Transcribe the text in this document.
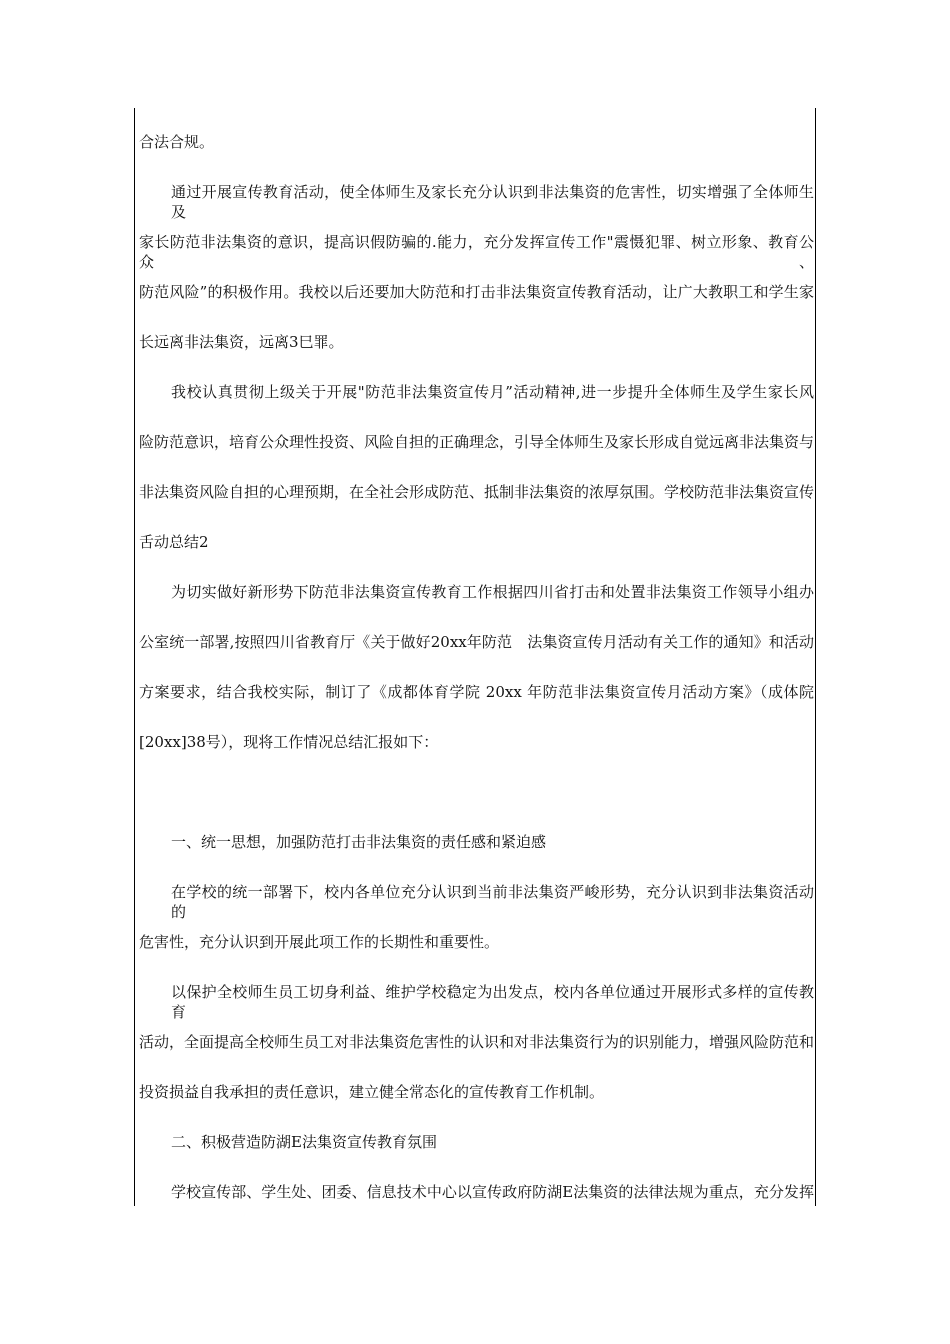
合法合规。
通过开展宣传教育活动，使全体师生及家长充分认识到非法集资的危害性，切实增强了全体师生及
家长防范非法集资的意识，提高识假防骗的.能力，充分发挥宣传工作"震慑犯罪、树立形象、教育公众、
防范风险”的积极作用。我校以后还要加大防范和打击非法集资宣传教育活动，让广大教职工和学生家
长远离非法集资，远离3巳罪。
我校认真贯彻上级关于开展"防范非法集资宣传月”活动精神,进一步提升全体师生及学生家长风
险防范意识，培育公众理性投资、风险自担的正确理念，引导全体师生及家长形成自觉远离非法集资与
非法集资风险自担的心理预期，在全社会形成防范、抵制非法集资的浓厚氛围。学校防范非法集资宣传
舌动总结2
为切实做好新形势下防范非法集资宣传教育工作根据四川省打击和处置非法集资工作领导小组办
公室统一部署,按照四川省教育厅《关于做好20xx年防范　法集资宣传月活动有关工作的通知》和活动
方案要求，结合我校实际，制订了《成都体育学院 20xx 年防范非法集资宣传月活动方案》（成体院
[20xx]38号），现将工作情况总结汇报如下：
一、统一思想，加强防范打击非法集资的责任感和紧迫感
在学校的统一部署下，校内各单位充分认识到当前非法集资严峻形势，充分认识到非法集资活动的
危害性，充分认识到开展此项工作的长期性和重要性。
以保护全校师生员工切身利益、维护学校稳定为出发点，校内各单位通过开展形式多样的宣传教育
活动，全面提高全校师生员工对非法集资危害性的认识和对非法集资行为的识别能力，增强风险防范和
投资损益自我承担的责任意识，建立健全常态化的宣传教育工作机制。
二、积极营造防湖E法集资宣传教育氛围
学校宣传部、学生处、团委、信息技术中心以宣传政府防湖E法集资的法律法规为重点，充分发挥
